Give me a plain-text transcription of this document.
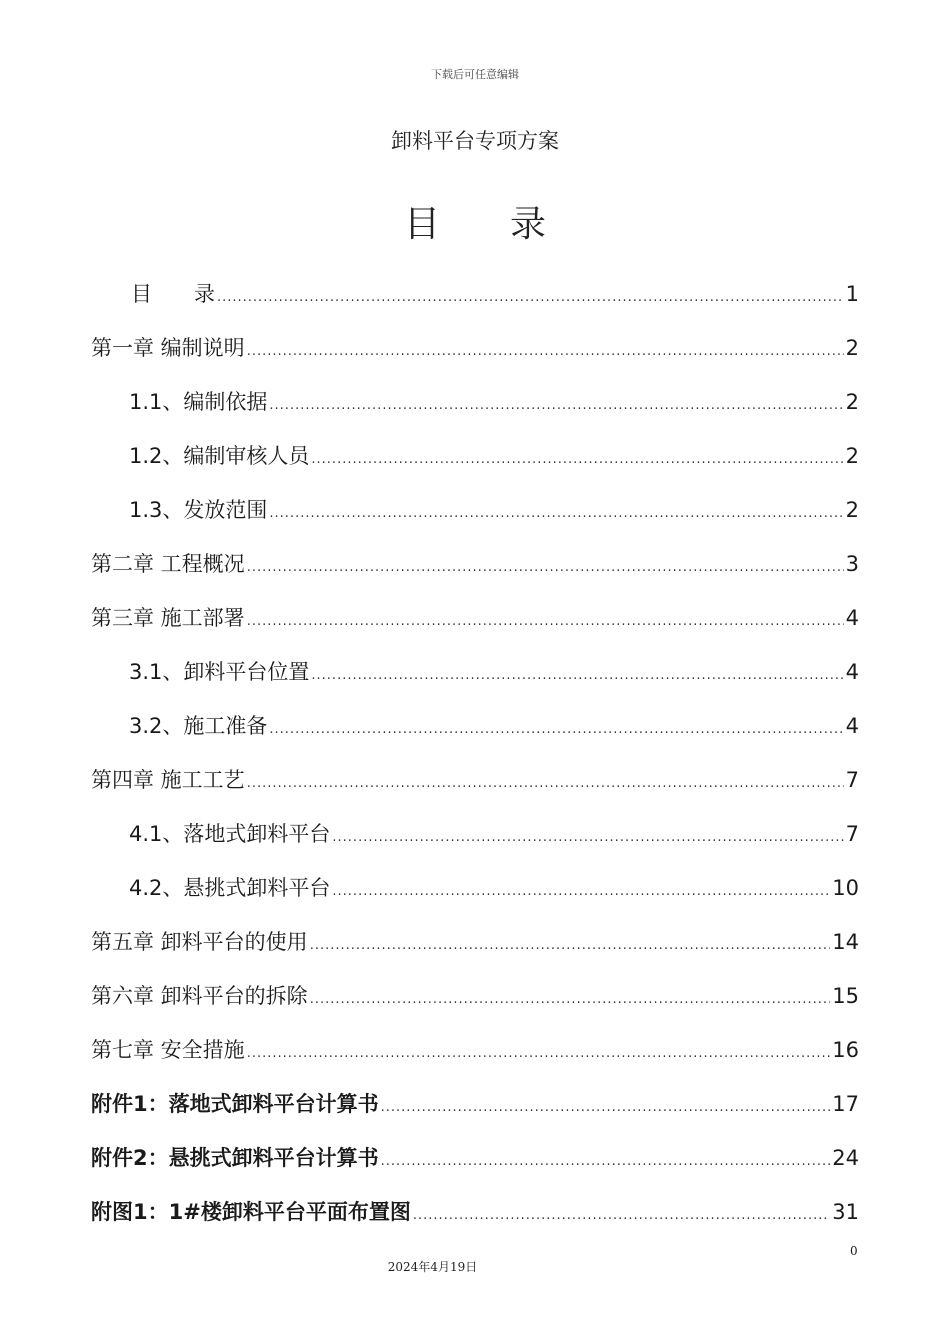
下载后可任意编辑
卸料平台专项方案
目 录
目　　录 .....	1
第一章 编制说明 .....	2
1.1、编制依据 .....	2
1.2、编制审核人员 .....	2
1.3、发放范围 .....	2
第二章 工程概况 .....	3
第三章 施工部署 .....	4
3.1、卸料平台位置 .....	4
3.2、施工准备 .....	4
第四章 施工工艺 .....	7
4.1、落地式卸料平台 .....	7
4.2、悬挑式卸料平台 .....	10
第五章 卸料平台的使用 .....	14
第六章 卸料平台的拆除 .....	15
第七章 安全措施 .....	16
附件1：落地式卸料平台计算书 .....	17
附件2：悬挑式卸料平台计算书 .....	24
附图1：1#楼卸料平台平面布置图 .....	31
0
2024年4月19日
